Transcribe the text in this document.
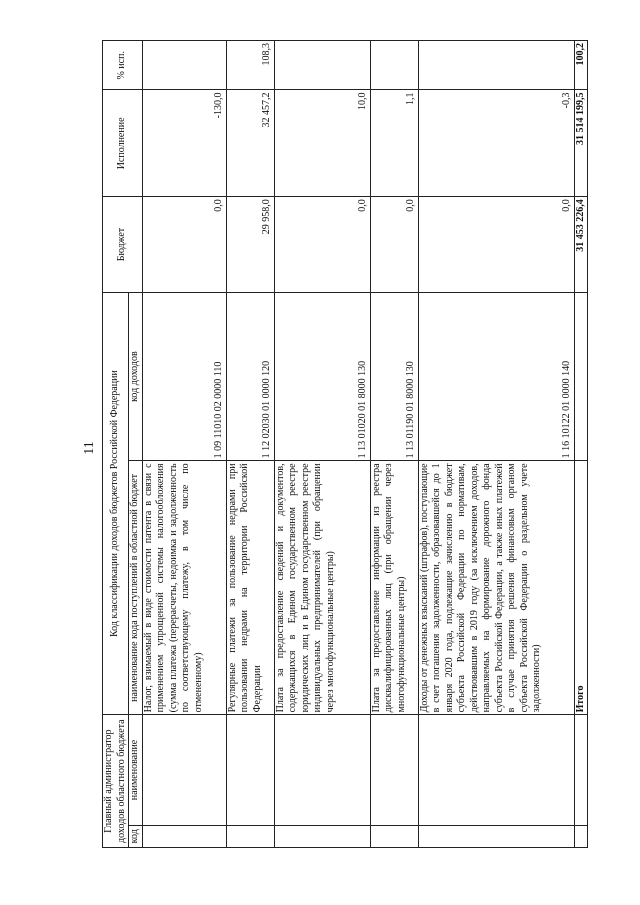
11
Главный администратор доходов областного бюджета		Код классификации доходов бюджетов Российской Федерации		Бюджет	Исполнение	% исп.
код	наименование	наименование кода поступлений в областной бюджет	код доходов			
		Налог, взимаемый в виде стоимости патента в связи с применением упрощенной системы налогообложения (сумма платежа (перерасчеты, недоимка и задолженность по соответствующему платежу, в том числе по отмененному)	1 09 11010 02 0000 110	0,0	-130,0	
		Регулярные платежи за пользование недрами при пользовании недрами на территории Российской Федерации	1 12 02030 01 0000 120	29 958,0	32 457,2	108,3
		Плата за предоставление сведений и документов, содержащихся в Едином государственном реестре юридических лиц и в Едином государственном реестре индивидуальных предпринимателей (при обращении через многофункциональные центры)	1 13 01020 01 8000 130	0,0	10,0	
		Плата за предоставление информации из реестра дисквалифицированных лиц (при обращении через многофункциональные центры)	1 13 01190 01 8000 130	0,0	1,1	
		Доходы от денежных взысканий (штрафов), поступающие в счет погашения задолженности, образовавшейся до 1 января 2020 года, подлежащие зачислению в бюджет субъекта Российской Федерации по нормативам, действовавшим в 2019 году (за исключением доходов, направляемых на формирование дорожного фонда субъекта Российской Федерации, а также иных платежей в случае принятия решения финансовым органом субъекта Российской Федерации о раздельном учете задолженности)	1 16 10122 01 0000 140	0,0	-0,3	
		Итого		31 453 226,4	31 514 199,5	100,2
